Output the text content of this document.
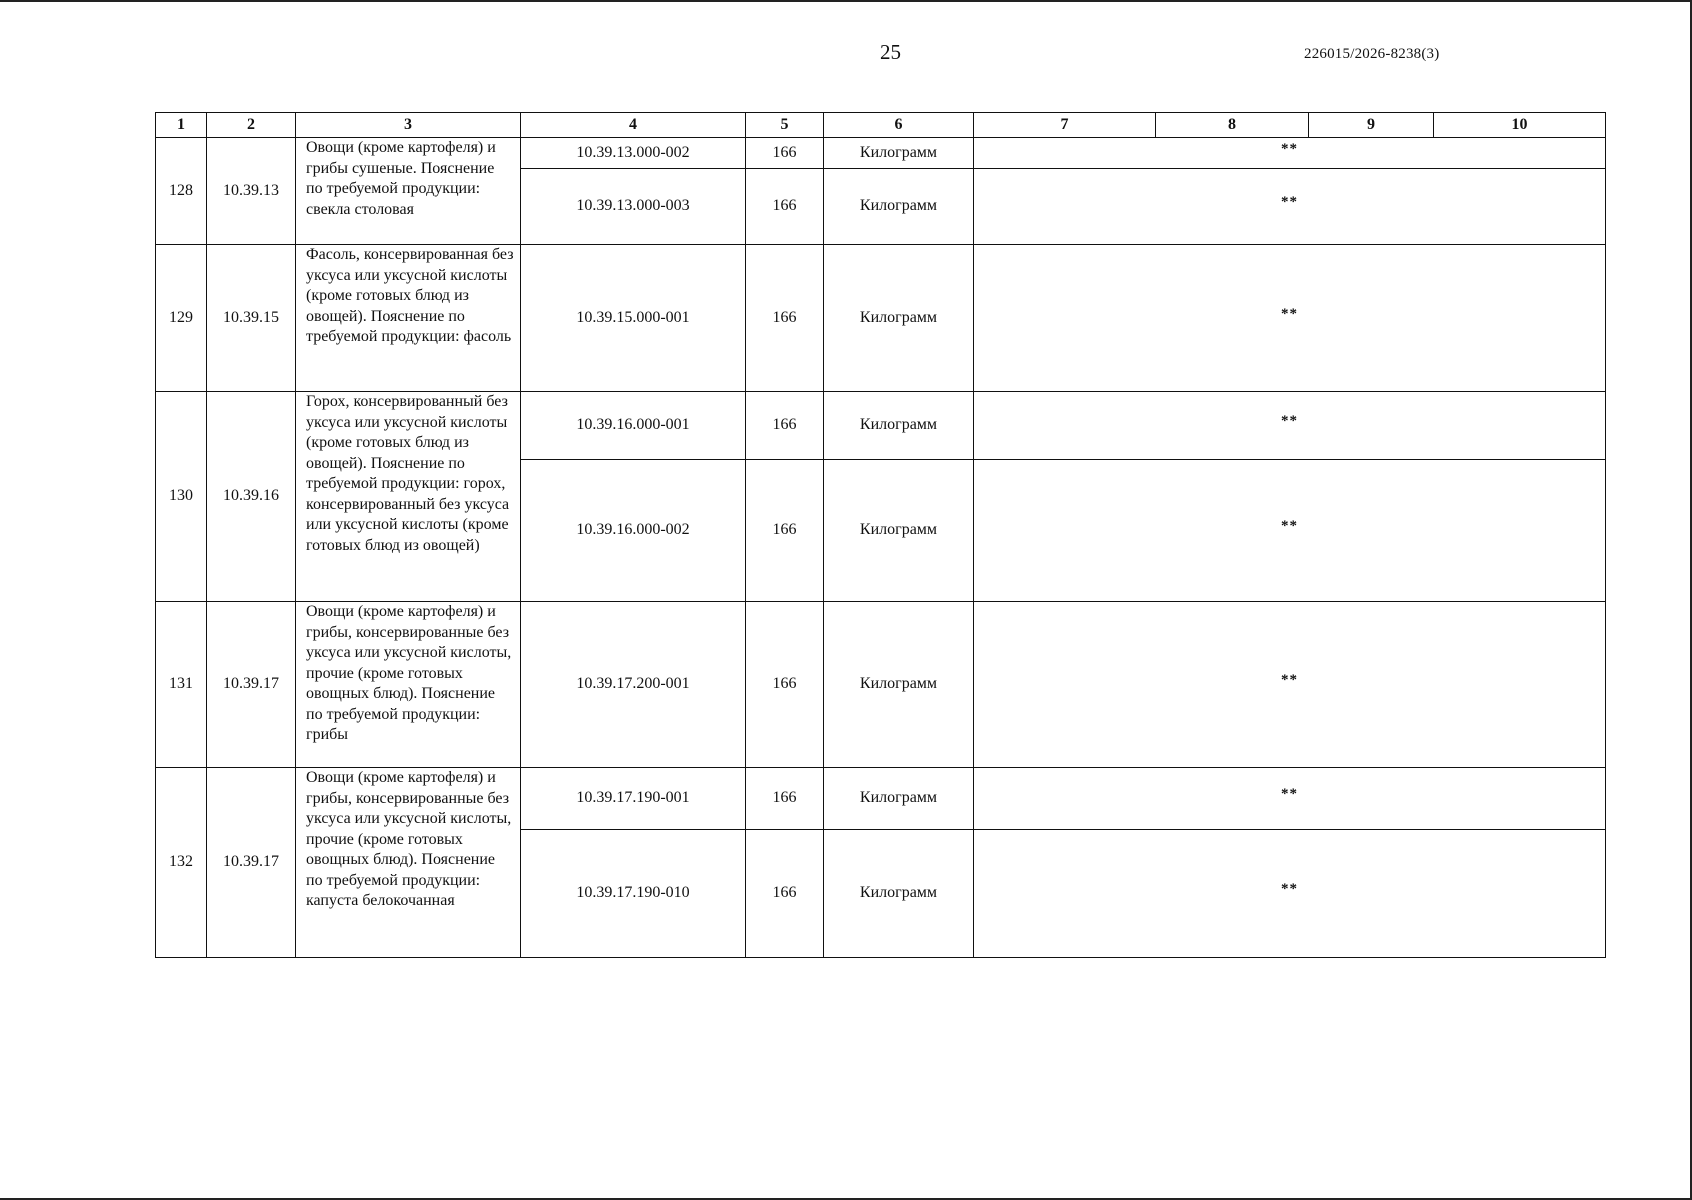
25	226015/2026-8238(3)
1	2	3	4	5	6	7	8	9	10
128	10.39.13	Овощи (кроме картофеля) и грибы сушеные. Пояснение по требуемой продукции: свекла столовая	10.39.13.000-002	166	Килограмм	**			
			10.39.13.000-003	166	Килограмм	**			
129	10.39.15	Фасоль, консервированная без уксуса или уксусной кислоты (кроме готовых блюд из овощей). Пояснение по требуемой продукции: фасоль	10.39.15.000-001	166	Килограмм	**			
130	10.39.16	Горох, консервированный без уксуса или уксусной кислоты (кроме готовых блюд из овощей). Пояснение по требуемой продукции: горох, консервированный без уксуса или уксусной кислоты (кроме готовых блюд из овощей)	10.39.16.000-001	166	Килограмм	**			
			10.39.16.000-002	166	Килограмм	**			
131	10.39.17	Овощи (кроме картофеля) и грибы, консервированные без уксуса или уксусной кислоты, прочие (кроме готовых овощных блюд). Пояснение по требуемой продукции: грибы	10.39.17.200-001	166	Килограмм	**			
132	10.39.17	Овощи (кроме картофеля) и грибы, консервированные без уксуса или уксусной кислоты, прочие (кроме готовых овощных блюд). Пояснение по требуемой продукции: капуста белокочанная	10.39.17.190-001	166	Килограмм	**			
			10.39.17.190-010	166	Килограмм	**			
